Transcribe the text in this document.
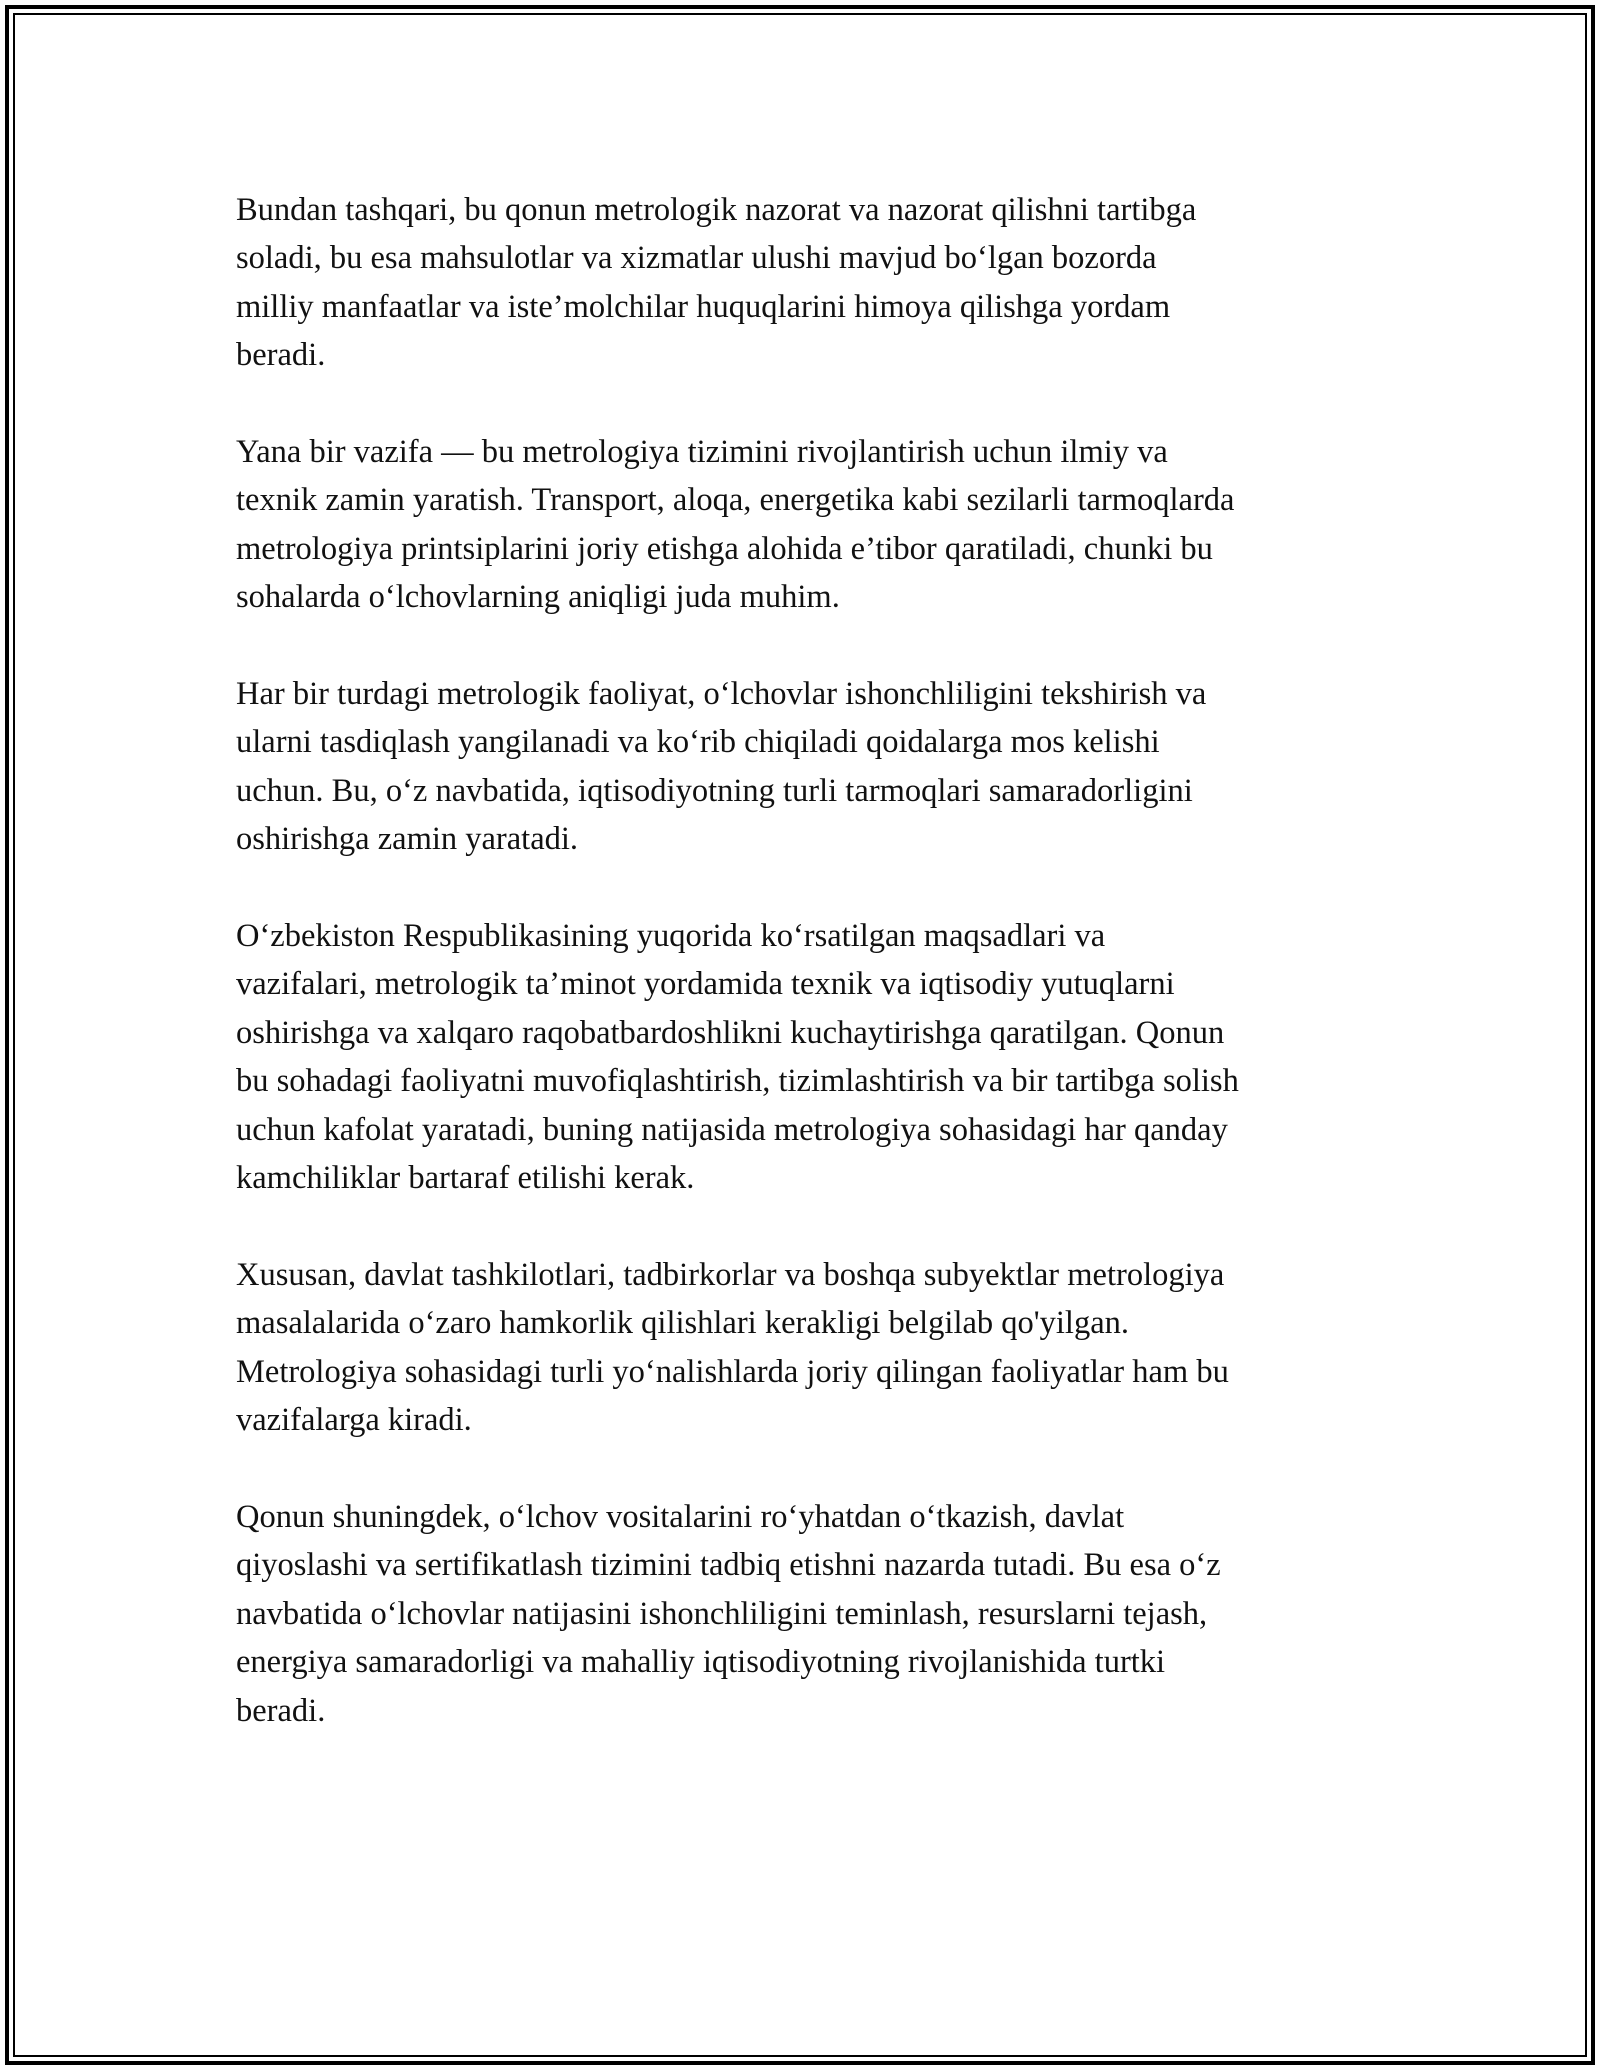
Bundan tashqari, bu qonun metrologik nazorat va nazorat qilishni tartibga
soladi, bu esa mahsulotlar va xizmatlar ulushi mavjud bo‘lgan bozorda
milliy manfaatlar va iste’molchilar huquqlarini himoya qilishga yordam
beradi.

Yana bir vazifa — bu metrologiya tizimini rivojlantirish uchun ilmiy va
texnik zamin yaratish. Transport, aloqa, energetika kabi sezilarli tarmoqlarda
metrologiya printsiplarini joriy etishga alohida e’tibor qaratiladi, chunki bu
sohalarda o‘lchovlarning aniqligi juda muhim.

Har bir turdagi metrologik faoliyat, o‘lchovlar ishonchliligini tekshirish va
ularni tasdiqlash yangilanadi va ko‘rib chiqiladi qoidalarga mos kelishi
uchun. Bu, o‘z navbatida, iqtisodiyotning turli tarmoqlari samaradorligini
oshirishga zamin yaratadi.

O‘zbekiston Respublikasining yuqorida ko‘rsatilgan maqsadlari va
vazifalari, metrologik ta’minot yordamida texnik va iqtisodiy yutuqlarni
oshirishga va xalqaro raqobatbardoshlikni kuchaytirishga qaratilgan. Qonun
bu sohadagi faoliyatni muvofiqlashtirish, tizimlashtirish va bir tartibga solish
uchun kafolat yaratadi, buning natijasida metrologiya sohasidagi har qanday
kamchiliklar bartaraf etilishi kerak.

Xususan, davlat tashkilotlari, tadbirkorlar va boshqa subyektlar metrologiya
masalalarida o‘zaro hamkorlik qilishlari kerakligi belgilab qo'yilgan.
Metrologiya sohasidagi turli yo‘nalishlarda joriy qilingan faoliyatlar ham bu
vazifalarga kiradi.

Qonun shuningdek, o‘lchov vositalarini ro‘yhatdan o‘tkazish, davlat
qiyoslashi va sertifikatlash tizimini tadbiq etishni nazarda tutadi. Bu esa o‘z
navbatida o‘lchovlar natijasini ishonchliligini teminlash, resurslarni tejash,
energiya samaradorligi va mahalliy iqtisodiyotning rivojlanishida turtki
beradi.
